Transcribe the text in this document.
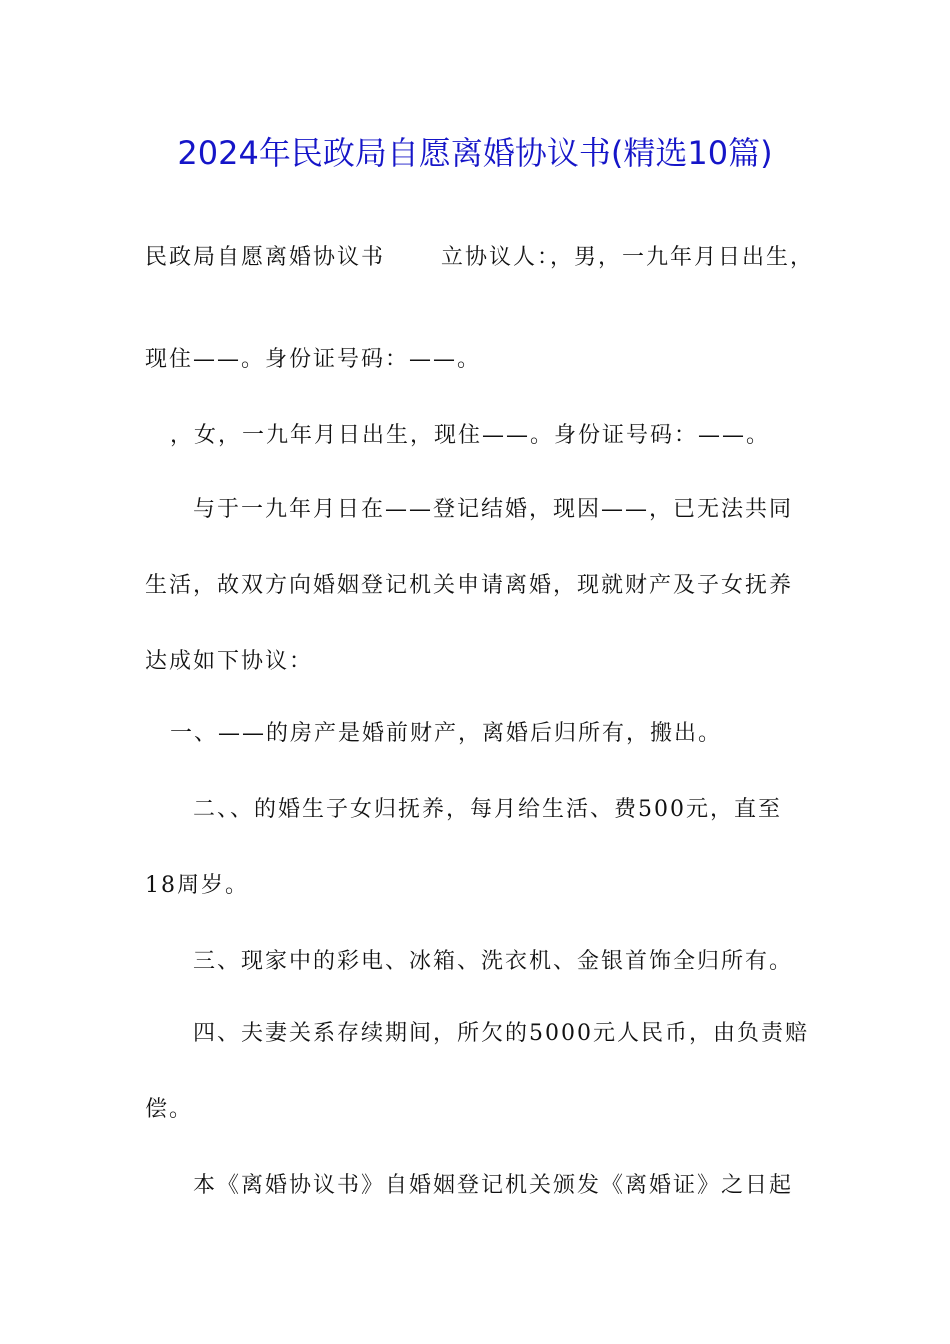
2024年民政局自愿离婚协议书(精选10篇)
民政局自愿离婚协议书	立协议人：，男，一九年月日出生，
现住——。身份证号码：——。
，女，一九年月日出生，现住——。身份证号码：——。
与于一九年月日在——登记结婚，现因——，已无法共同
生活，故双方向婚姻登记机关申请离婚，现就财产及子女抚养
达成如下协议：
一、——的房产是婚前财产，离婚后归所有，搬出。
二、、的婚生子女归抚养，每月给生活、费500元，直至
18周岁。
三、现家中的彩电、冰箱、洗衣机、金银首饰全归所有。
四、夫妻关系存续期间，所欠的5000元人民币，由负责赔
偿。
本《离婚协议书》自婚姻登记机关颁发《离婚证》之日起
